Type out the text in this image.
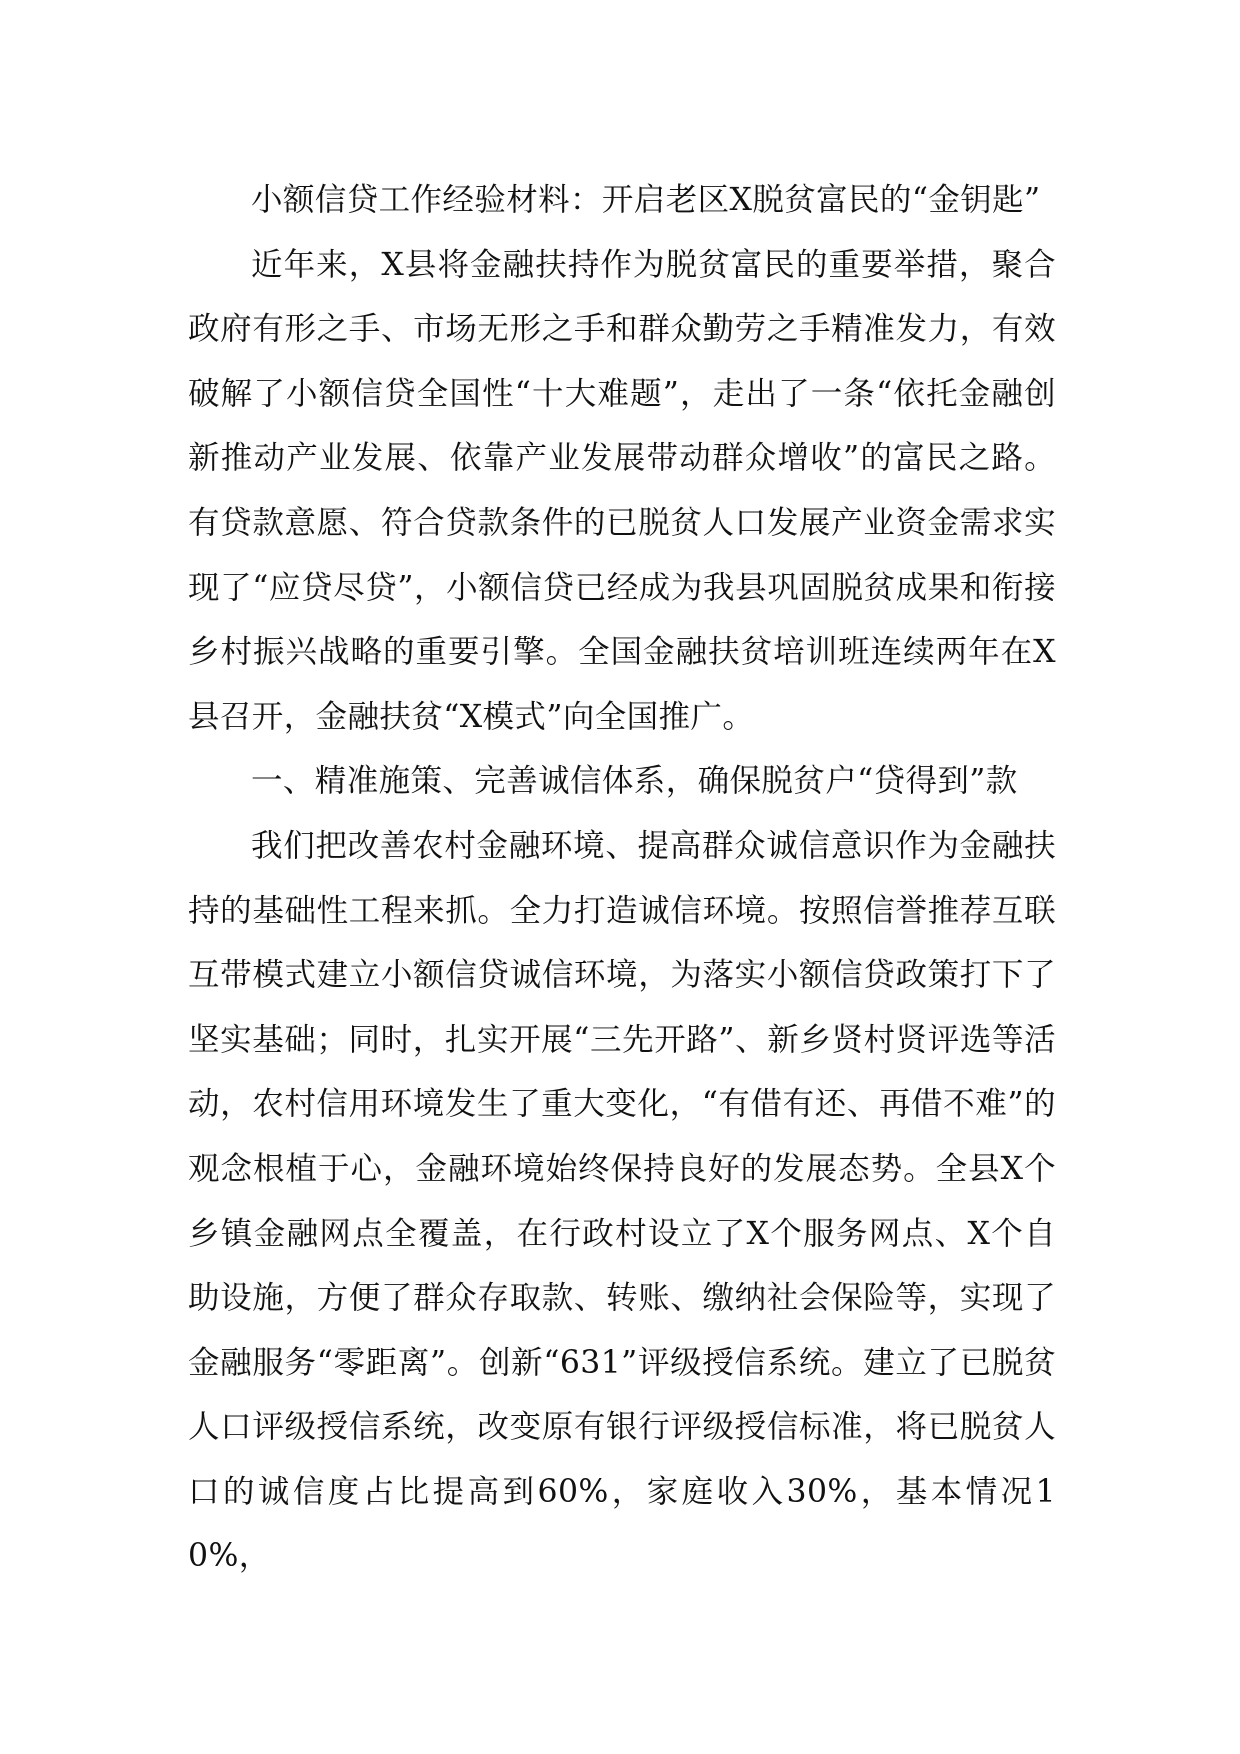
小额信贷工作经验材料：开启老区X脱贫富民的“金钥匙”

近年来，X县将金融扶持作为脱贫富民的重要举措，聚合政府有形之手、市场无形之手和群众勤劳之手精准发力，有效破解了小额信贷全国性“十大难题”，走出了一条“依托金融创新推动产业发展、依靠产业发展带动群众增收”的富民之路。有贷款意愿、符合贷款条件的已脱贫人口发展产业资金需求实现了“应贷尽贷”，小额信贷已经成为我县巩固脱贫成果和衔接乡村振兴战略的重要引擎。全国金融扶贫培训班连续两年在X县召开，金融扶贫“X模式”向全国推广。

一、精准施策、完善诚信体系，确保脱贫户“贷得到”款

我们把改善农村金融环境、提高群众诚信意识作为金融扶持的基础性工程来抓。全力打造诚信环境。按照信誉推荐互联互带模式建立小额信贷诚信环境，为落实小额信贷政策打下了坚实基础；同时，扎实开展“三先开路”、新乡贤村贤评选等活动，农村信用环境发生了重大变化，“有借有还、再借不难”的观念根植于心，金融环境始终保持良好的发展态势。全县X个乡镇金融网点全覆盖，在行政村设立了X个服务网点、X个自助设施，方便了群众存取款、转账、缴纳社会保险等，实现了金融服务“零距离”。创新“631”评级授信系统。建立了已脱贫人口评级授信系统，改变原有银行评级授信标准，将已脱贫人口的诚信度占比提高到60%，家庭收入30%，基本情况10%，
